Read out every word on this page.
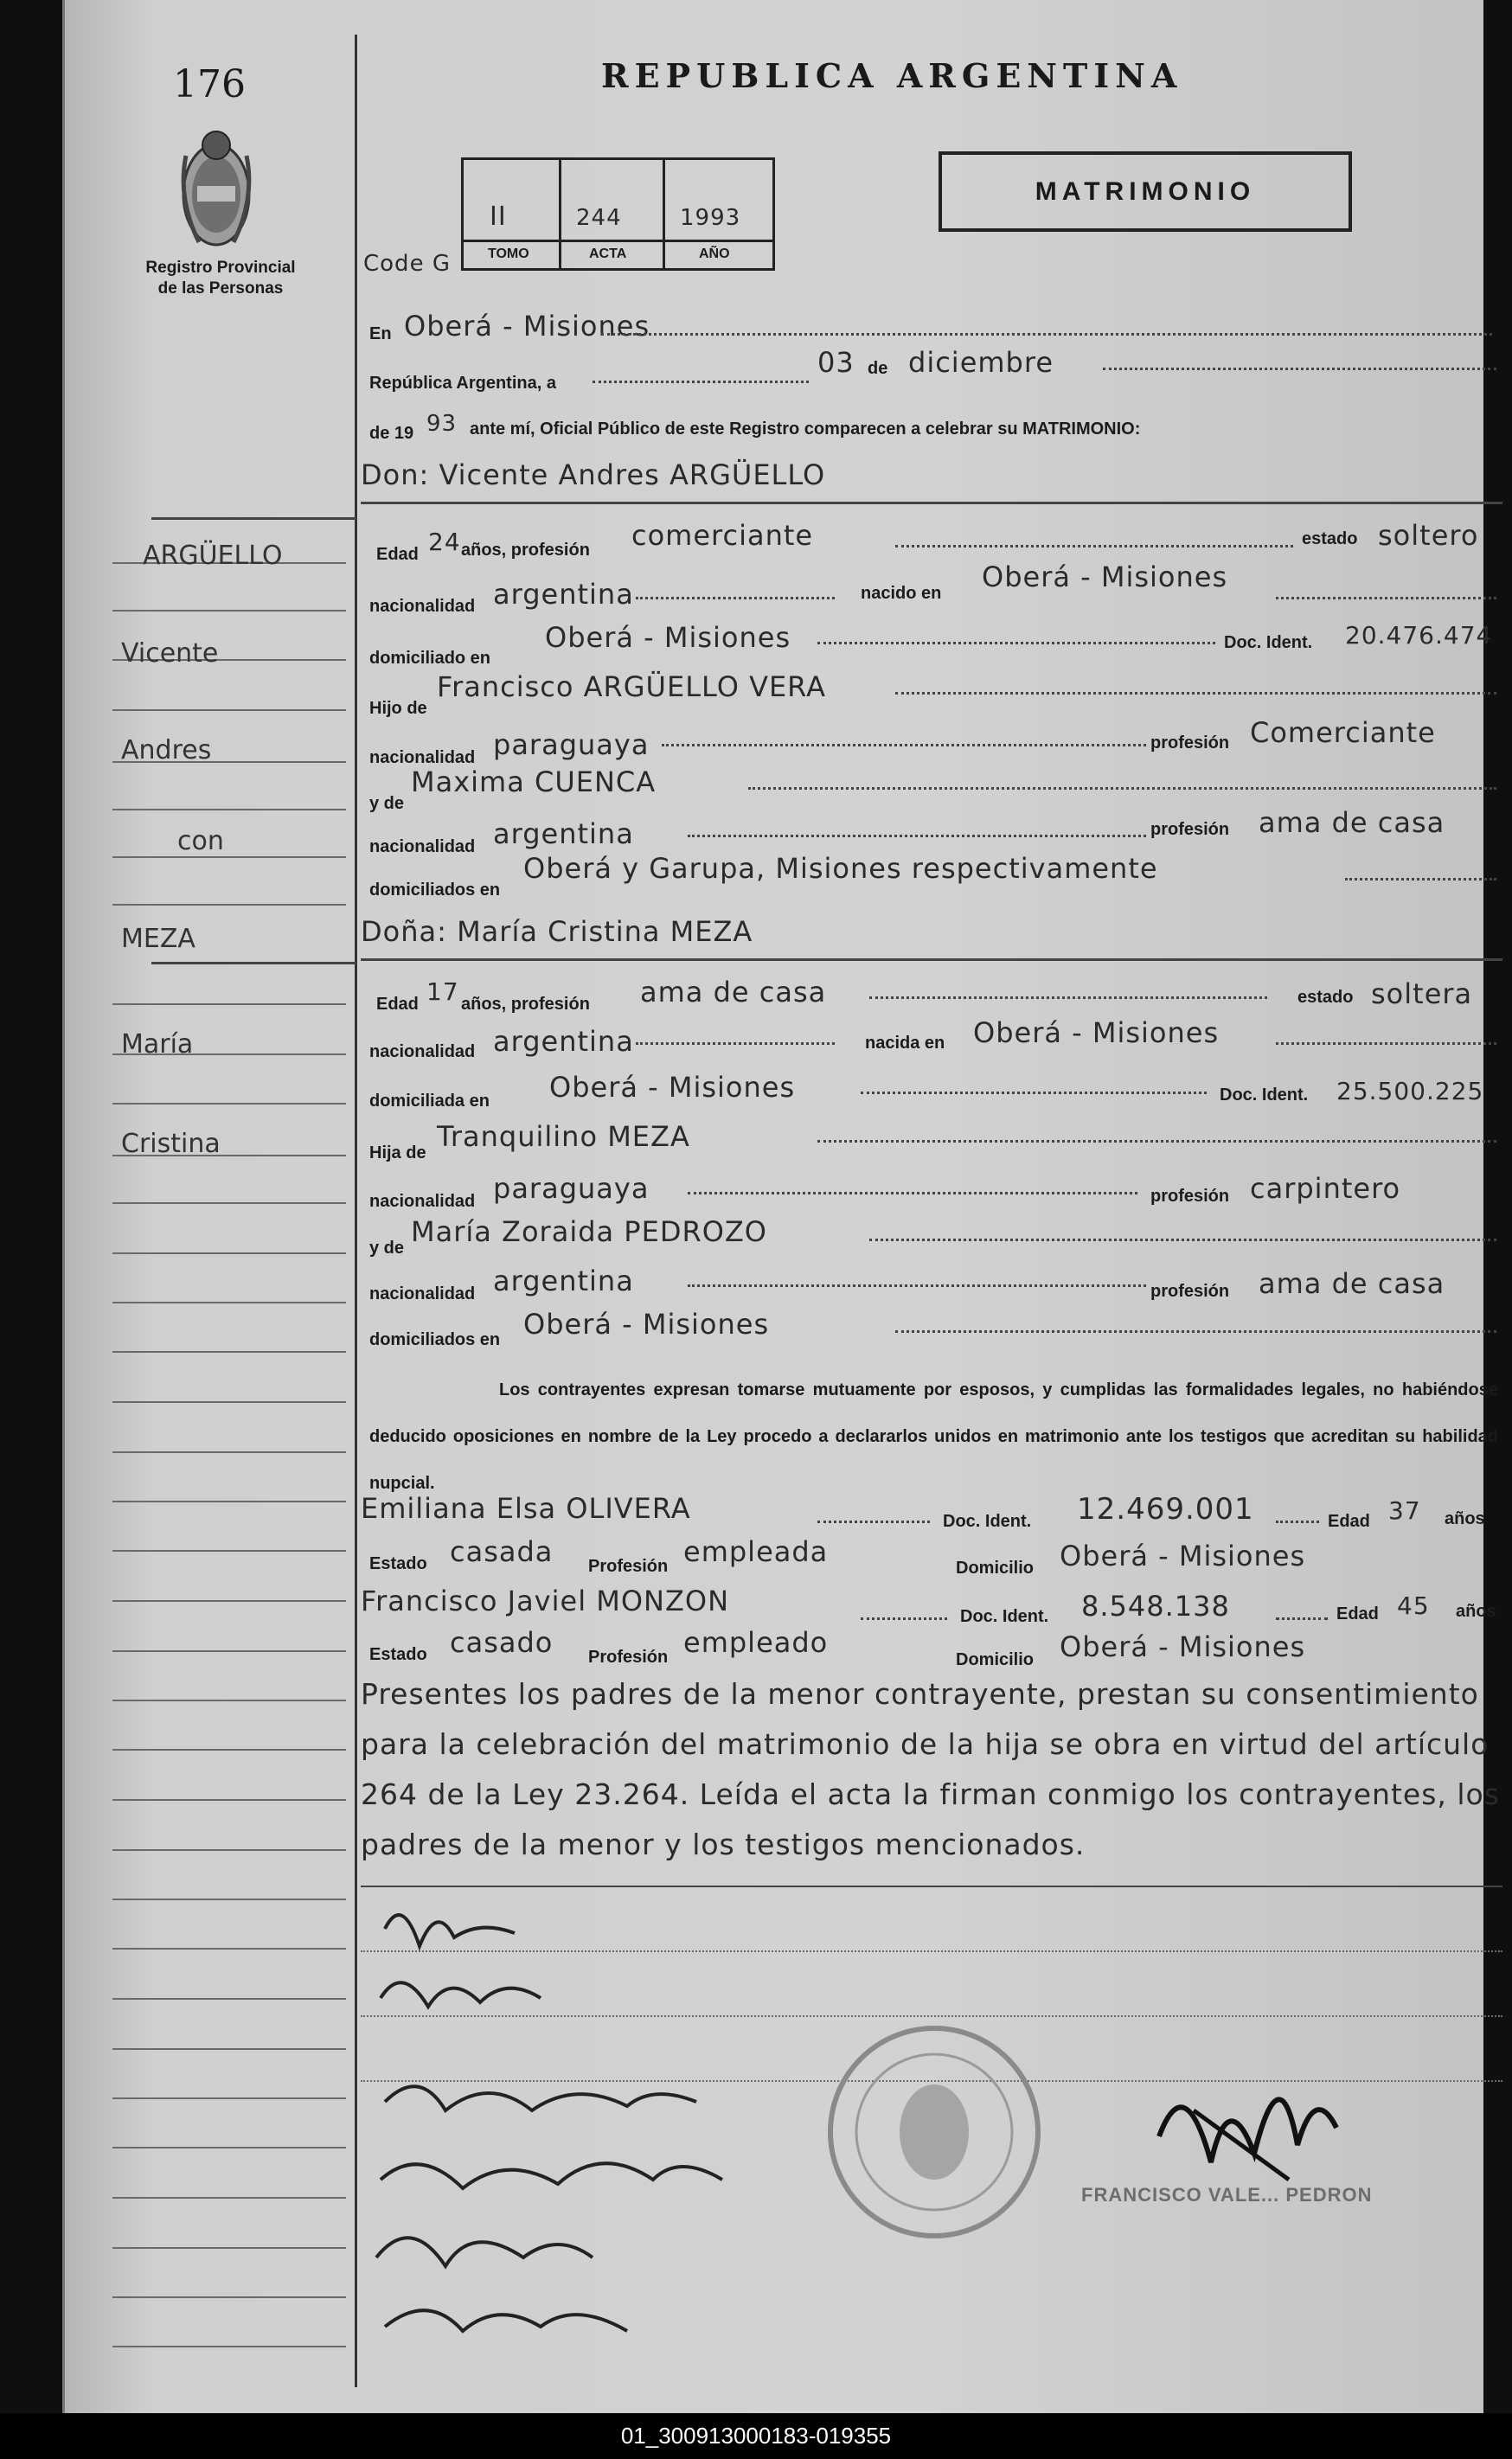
176
Registro Provincial
de las Personas
REPUBLICA ARGENTINA
MATRIMONIO
II	244	1993
TOMO	ACTA	AÑO
Code G
En Oberá - Misiones
República Argentina, a
03 de diciembre
de 19 93 ante mí, Oficial Público de este Registro comparecen a celebrar su MATRIMONIO:
Don: Vicente Andres ARGÜELLO
Edad 24 años, profesión comerciante	estado soltero
nacionalidad argentina	nacido en Oberá - Misiones
domiciliado en
Oberá - Misiones	Doc. Ident. 20.476.474
Hijo de
Francisco ARGÜELLO VERA
nacionalidad paraguaya	profesión Comerciante
y de
Maxima CUENCA
nacionalidad argentina	profesión ama de casa
domiciliados en
Oberá y Garupa, Misiones respectivamente
Doña: María Cristina MEZA
Edad 17 años, profesión ama de casa	estado soltera
nacionalidad argentina	nacida en Oberá - Misiones
domiciliada en Oberá - Misiones	Doc. Ident. 25.500.225
Hija de Tranquilino MEZA
nacionalidad paraguaya	profesión carpintero
y de María Zoraida PEDROZO
nacionalidad argentina	profesión ama de casa
domiciliados en Oberá - Misiones
Los contrayentes expresan tomarse mutuamente por esposos, y cumplidas las formalidades legales, no habiéndose deducido oposiciones en nombre de la Ley procedo a declararlos unidos en matrimonio ante los testigos que acreditan su habilidad nupcial.
Emiliana Elsa OLIVERA	Doc. Ident. 12.469.001	Edad 37 años
Estado casada Profesión empleada	Domicilio Oberá - Misiones
Francisco Javiel MONZON	Doc. Ident. 8.548.138	Edad 45 años
Estado casado Profesión empleado
Domicilio Oberá - Misiones
Presentes los padres de la menor contrayente, prestan su consentimiento para la celebración del matrimonio de la hija se obra en virtud del artículo 264 de la Ley 23.264. Leída el acta la firman conmigo los contrayentes, los padres de la menor y los testigos mencionados.
FRANCISCO VALE... PEDRON
ARGÜELLO
Vicente
Andres
con
MEZA
María
Cristina
01_300913000183-019355
